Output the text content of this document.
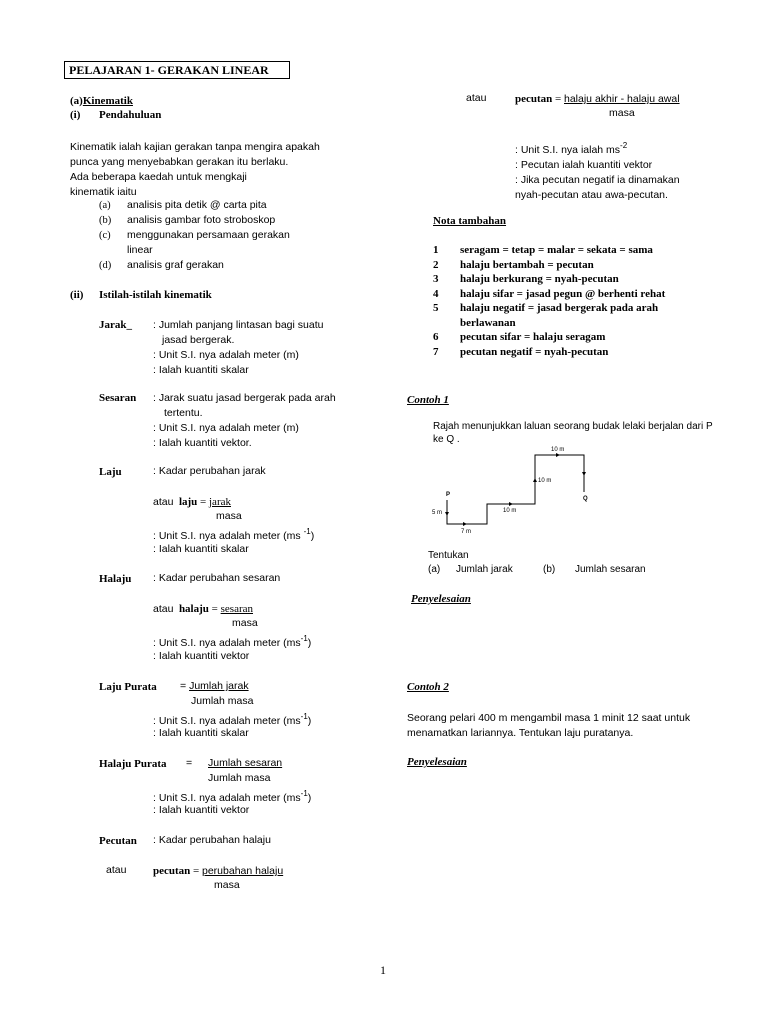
PELAJARAN 1- GERAKAN LINEAR
(a)Kinematik
(i) Pendahuluan
Kinematik ialah kajian gerakan tanpa mengira apakah
punca yang menyebabkan gerakan itu berlaku.
Ada beberapa kaedah untuk mengkaji
kinematik iaitu
(a) analisis pita detik @ carta pita
(b) analisis gambar foto stroboskop
(c) menggunakan persamaan gerakan
linear
(d) analisis graf gerakan
(ii) Istilah-istilah kinematik
Jarak_ : Jumlah panjang lintasan bagi suatu
jasad bergerak.
: Unit S.I. nya adalah meter (m)
: Ialah kuantiti skalar
Sesaran : Jarak suatu jasad bergerak pada arah
tertentu.
: Unit S.I. nya adalah meter (m)
: Ialah kuantiti vektor.
Laju	: Kadar perubahan jarak
atau laju = jarak
masa
: Unit S.I. nya adalah meter (ms $^{-1}$)
: Ialah kuantiti skalar
Halaju : Kadar perubahan sesaran
atau halaju = sesaran
masa
: Unit S.I. nya adalah meter $(ms^{-1})$
: Ialah kuantiti vektor
Laju Purata = Jumlah jarak
Jumlah masa
: Unit S.I. nya adalah meter $(ms^{-1})$
: Ialah kuantiti skalar
Halaju Purata = Jumlah sesaran
Jumlah masa
: Unit S.I. nya adalah meter $(ms^{-1})$
: Ialah kuantiti vektor
Pecutan : Kadar perubahan halaju
atau pecutan = perubahan halaju
masa
atau	pecutan = halaju akhir - halaju awal
masa
: Unit S.I. nya ialah $ms^{-2}$
: Pecutan ialah kuantiti vektor
: Jika pecutan negatif ia dinamakan
nyah-pecutan atau awa-pecutan.
Nota tambahan
1 seragam = tetap = malar = sekata = sama
2 halaju bertambah = pecutan
3 halaju berkurang = nyah-pecutan
4 halaju sifar = jasad pegun @ berhenti rehat
5 halaju negatif = jasad bergerak pada arah
berlawanan
6 pecutan sifar = halaju seragam
7 pecutan negatif = nyah-pecutan
Contoh 1
Rajah menunjukkan laluan seorang budak lelaki berjalan dari P
ke Q .
P
Q
10 m
10 m
10 m
5 m
7 m
Tentukan
(a) Jumlah jarak	(b) Jumlah sesaran
Penyelesaian
Contoh 2
Seorang pelari 400 m mengambil masa 1 minit 12 saat untuk
menamatkan lariannya. Tentukan laju puratanya.
Penyelesaian
1
